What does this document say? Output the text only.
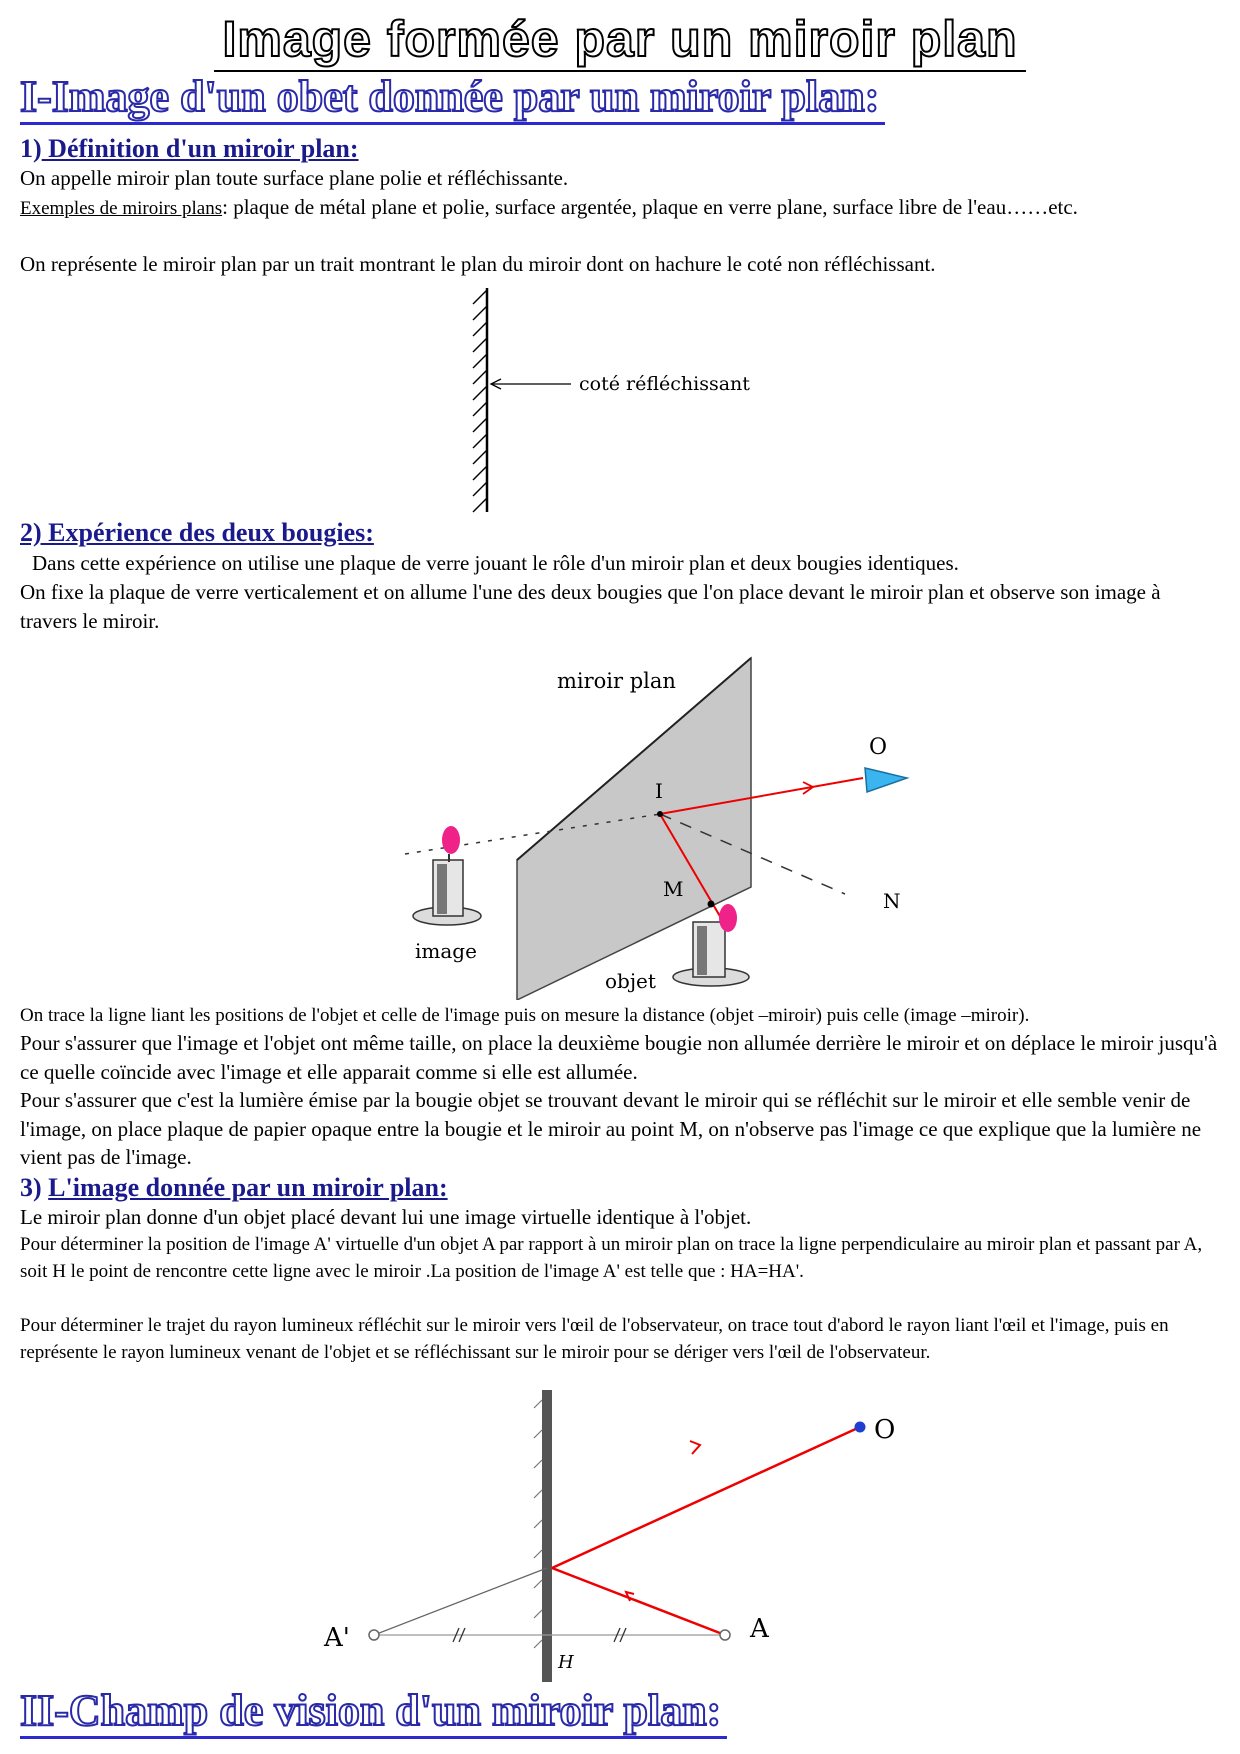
Image formée par un miroir plan
I-Image d'un obet donnée par un miroir plan:
1) Définition d'un miroir plan:
On appelle miroir plan toute surface plane polie et réfléchissante.
Exemples de miroirs plans: plaque de métal plane et polie, surface argentée, plaque en verre plane, surface libre de l'eau……etc.
On représente le miroir plan par un trait montrant le plan du miroir dont on hachure le coté non réfléchissant.
coté réfléchissant
2) Expérience des deux bougies:
Dans cette expérience on utilise une plaque de verre jouant le rôle d'un miroir plan et deux bougies identiques.
On fixe la plaque de verre verticalement et on allume l'une des deux bougies que l'on place devant le miroir plan et observe son image à travers le miroir.
miroir plan
O
I
M	N
image
objet
On trace la ligne liant les positions de l'objet et celle de l'image puis on mesure la distance (objet –miroir) puis celle (image –miroir).
Pour s'assurer que l'image et l'objet ont même taille, on place la deuxième bougie non allumée derrière le miroir et on déplace le miroir jusqu'à ce quelle coïncide avec l'image et elle apparait comme si elle est allumée.
Pour s'assurer que c'est la lumière émise par la bougie objet se trouvant devant le miroir qui se réfléchit sur le miroir et elle semble venir de l'image, on place plaque de papier opaque entre la bougie et le miroir au point M, on n'observe pas l'image ce que explique que la lumière ne vient pas de l'image.
3) L'image donnée par un miroir plan:
Le miroir plan donne d'un objet placé devant lui une image virtuelle identique à l'objet.
Pour déterminer la position de l'image A' virtuelle d'un objet A par rapport à un miroir plan on trace la ligne perpendiculaire au miroir plan et passant par A, soit H le point de rencontre cette ligne avec le miroir .La position de l'image A' est telle que : HA=HA'.
Pour déterminer le trajet du rayon lumineux réfléchit sur le miroir vers l'œil de l'observateur, on trace tout d'abord le rayon liant l'œil et l'image, puis en représente le rayon lumineux venant de l'objet et se réfléchissant sur le miroir pour se dériger vers l'œil de l'observateur.
O
A
A'
H
II-Champ de vision d'un miroir plan:
